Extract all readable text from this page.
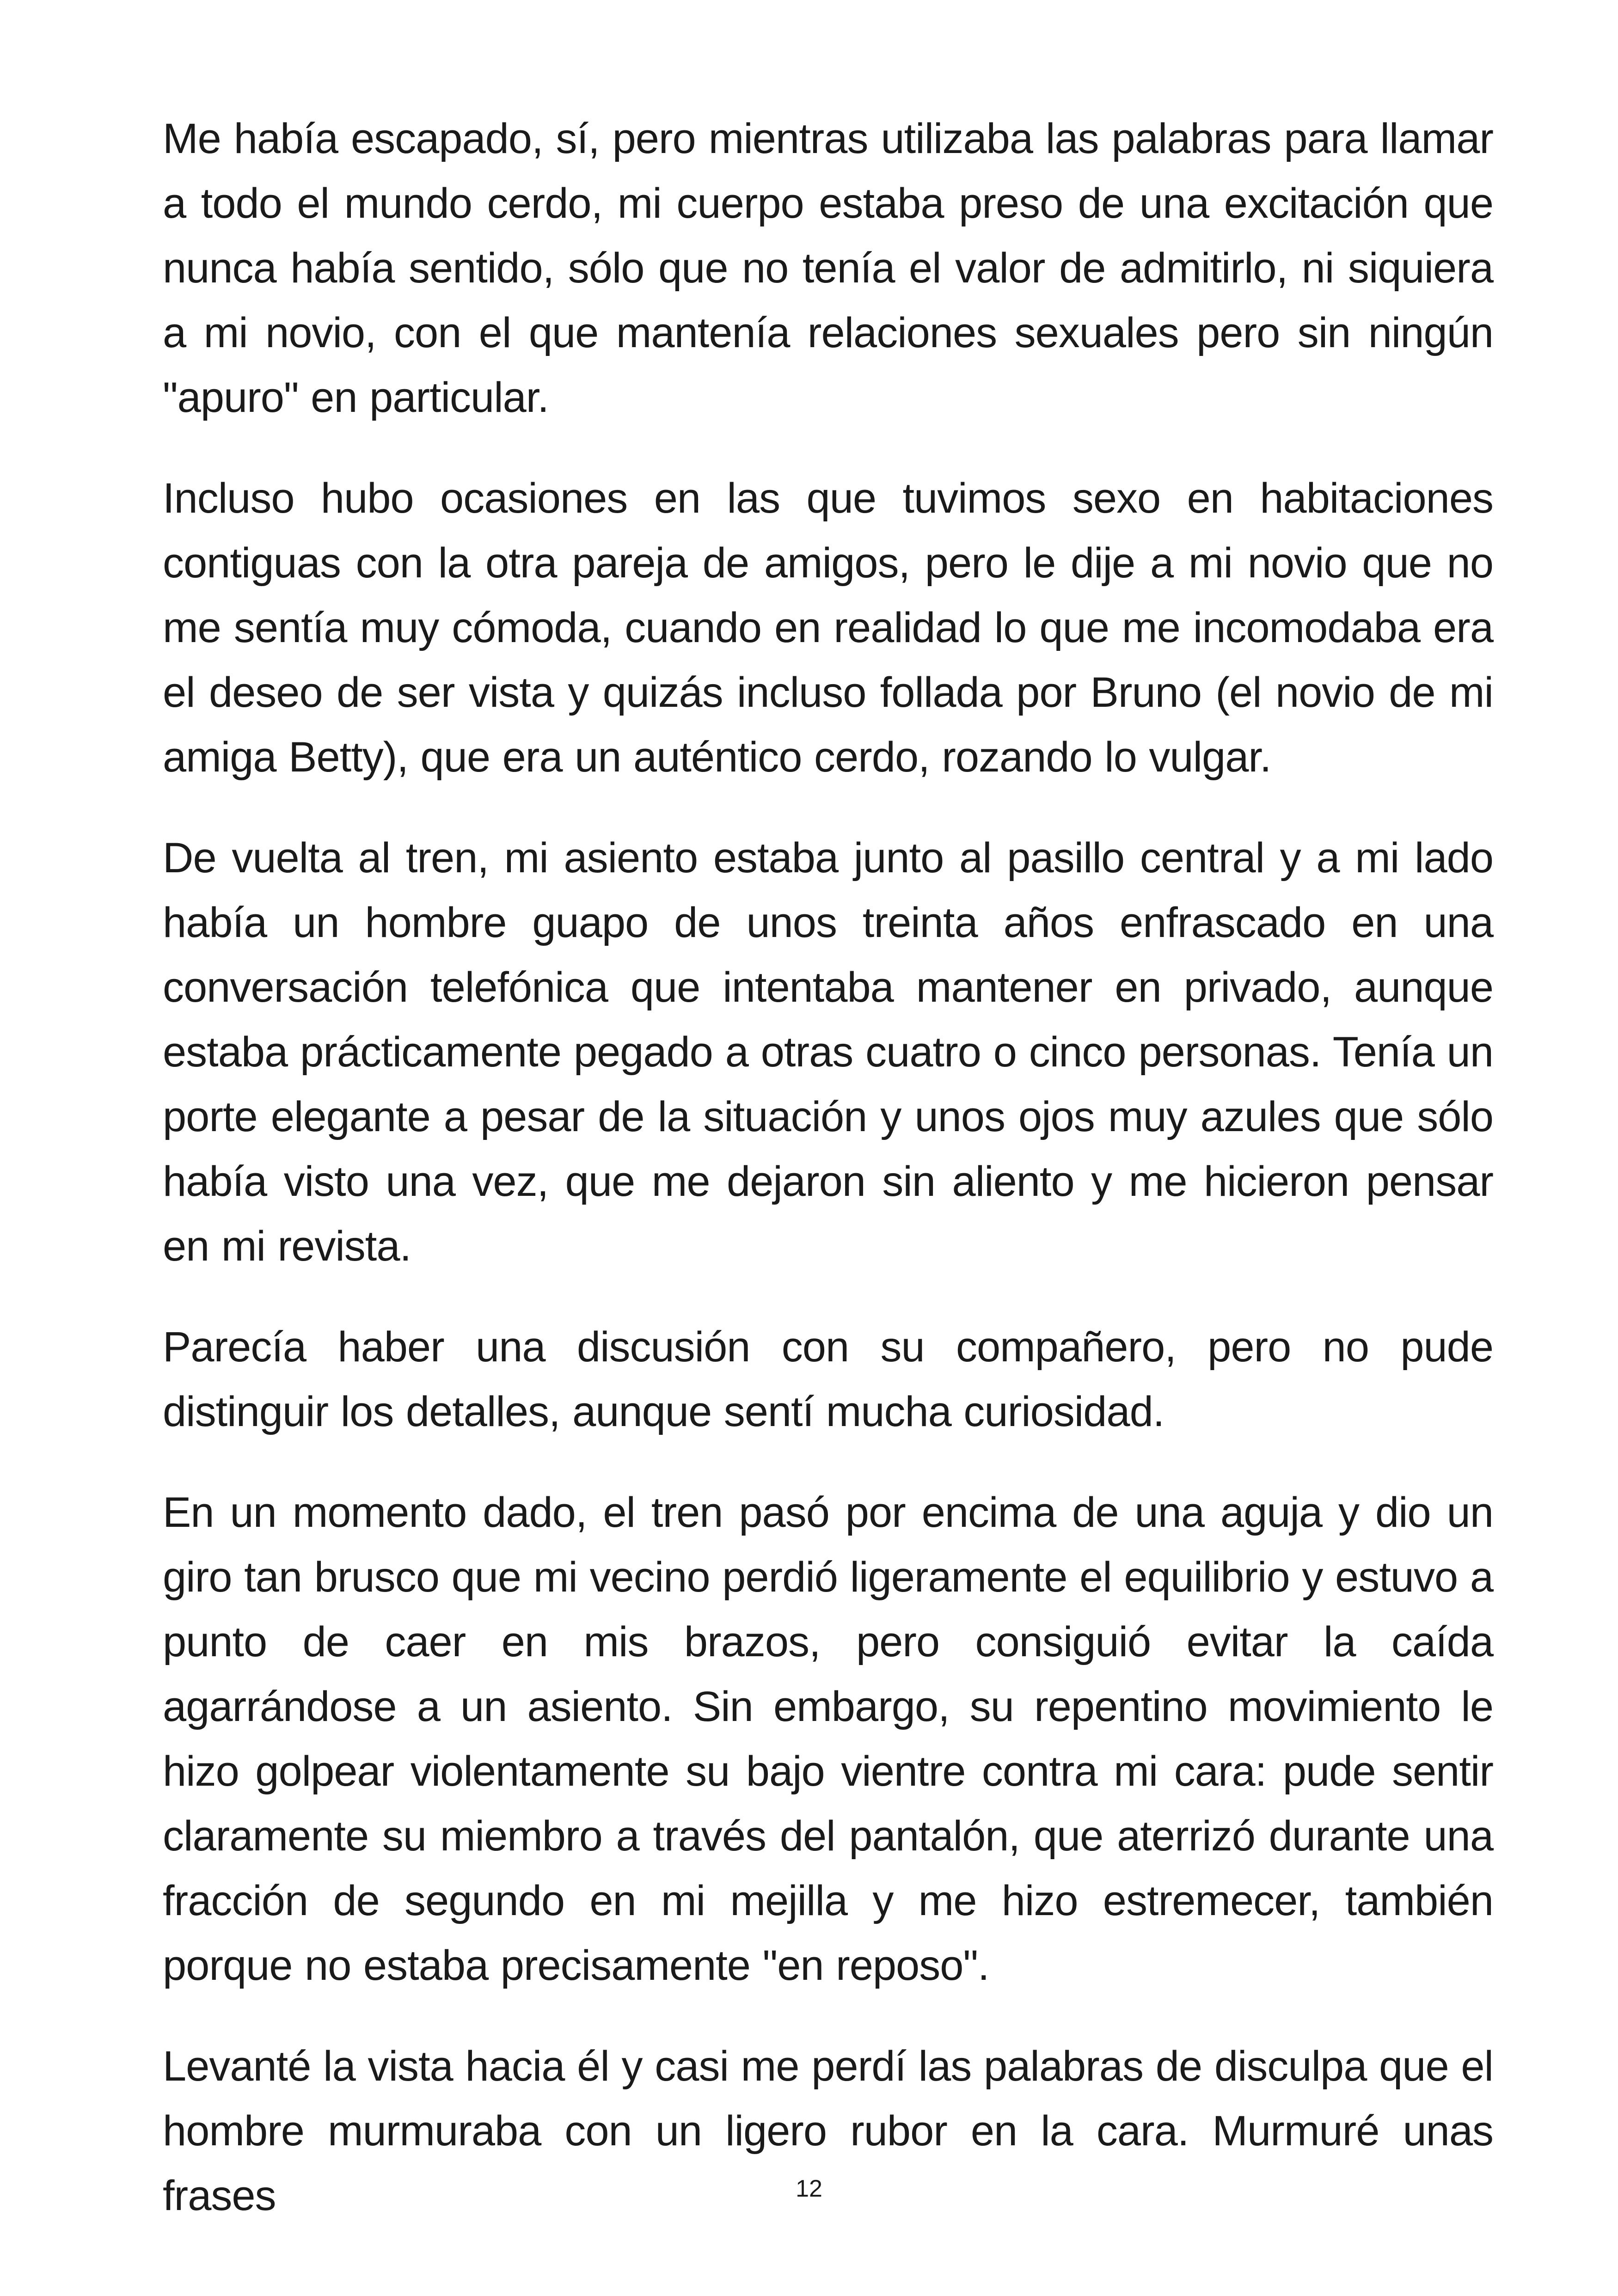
Me había escapado, sí, pero mientras utilizaba las palabras para llamar a todo el mundo cerdo, mi cuerpo estaba preso de una excitación que nunca había sentido, sólo que no tenía el valor de admitirlo, ni siquiera a mi novio, con el que mantenía relaciones sexuales pero sin ningún "apuro" en particular.

Incluso hubo ocasiones en las que tuvimos sexo en habitaciones contiguas con la otra pareja de amigos, pero le dije a mi novio que no me sentía muy cómoda, cuando en realidad lo que me incomodaba era el deseo de ser vista y quizás incluso follada por Bruno (el novio de mi amiga Betty), que era un auténtico cerdo, rozando lo vulgar.

De vuelta al tren, mi asiento estaba junto al pasillo central y a mi lado había un hombre guapo de unos treinta años enfrascado en una conversación telefónica que intentaba mantener en privado, aunque estaba prácticamente pegado a otras cuatro o cinco personas. Tenía un porte elegante a pesar de la situación y unos ojos muy azules que sólo había visto una vez, que me dejaron sin aliento y me hicieron pensar en mi revista.

Parecía haber una discusión con su compañero, pero no pude distinguir los detalles, aunque sentí mucha curiosidad.

En un momento dado, el tren pasó por encima de una aguja y dio un giro tan brusco que mi vecino perdió ligeramente el equilibrio y estuvo a punto de caer en mis brazos, pero consiguió evitar la caída agarrándose a un asiento. Sin embargo, su repentino movimiento le hizo golpear violentamente su bajo vientre contra mi cara: pude sentir claramente su miembro a través del pantalón, que aterrizó durante una fracción de segundo en mi mejilla y me hizo estremecer, también porque no estaba precisamente "en reposo".

Levanté la vista hacia él y casi me perdí las palabras de disculpa que el hombre murmuraba con un ligero rubor en la cara. Murmuré unas frases	12
